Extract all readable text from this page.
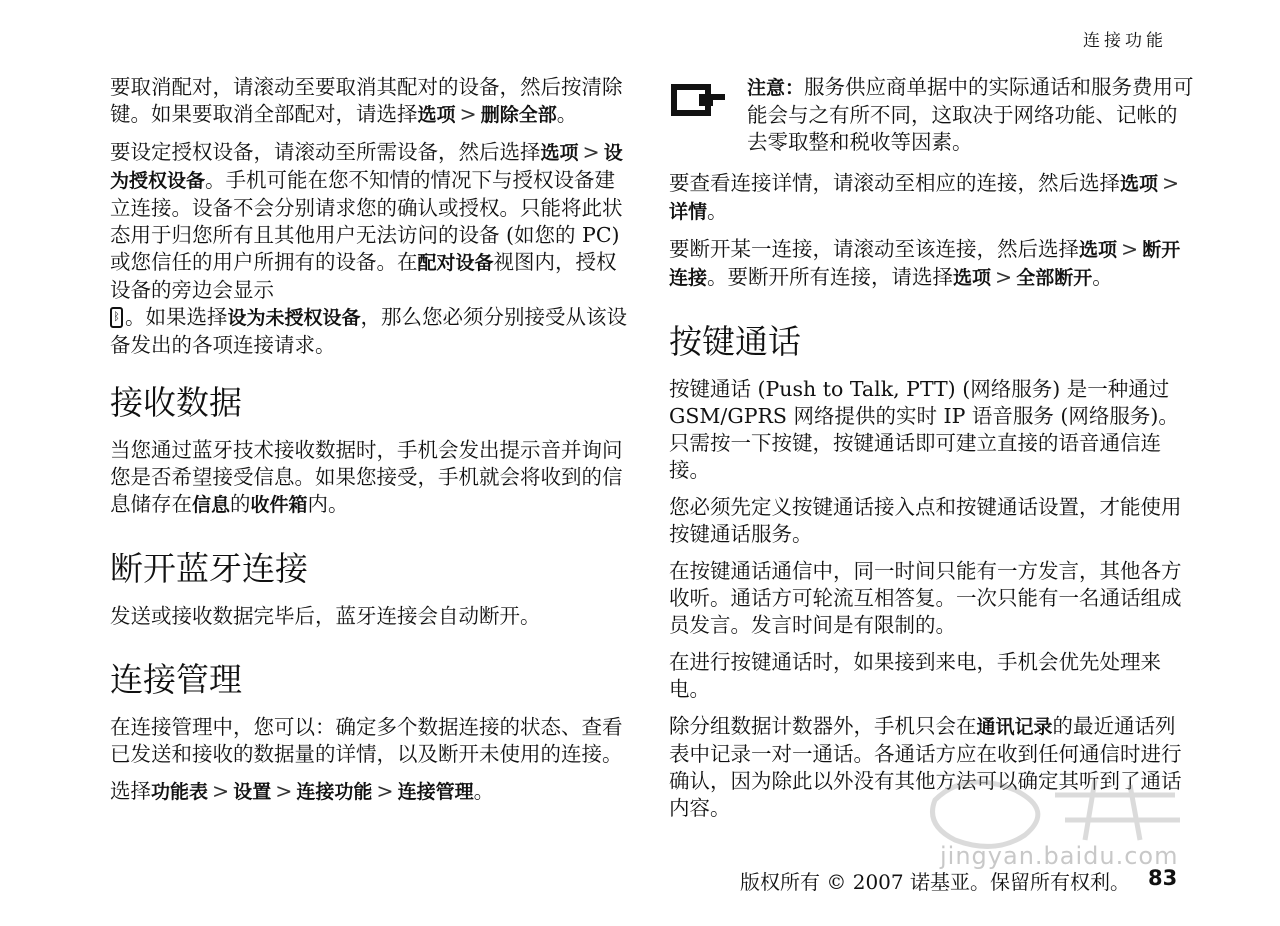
连接功能

要取消配对，请滚动至要取消其配对的设备，然后按清除键。如果要取消全部配对，请选择选项 > 删除全部。

要设定授权设备，请滚动至所需设备，然后选择选项 > 设为授权设备。手机可能在您不知情的情况下与授权设备建立连接。设备不会分别请求您的确认或授权。只能将此状态用于归您所有且其他用户无法访问的设备 (如您的 PC) 或您信任的用户所拥有的设备。在配对设备视图内，授权设备的旁边会显示
ᛒ。如果选择设为未授权设备，那么您必须分别接受从该设备发出的各项连接请求。

接收数据

当您通过蓝牙技术接收数据时，手机会发出提示音并询问您是否希望接受信息。如果您接受，手机就会将收到的信息储存在信息的收件箱内。

断开蓝牙连接

发送或接收数据完毕后，蓝牙连接会自动断开。

连接管理

在连接管理中，您可以：确定多个数据连接的状态、查看已发送和接收的数据量的详情，以及断开未使用的连接。

选择功能表 > 设置 > 连接功能 > 连接管理。

注意：服务供应商单据中的实际通话和服务费用可能会与之有所不同，这取决于网络功能、记帐的去零取整和税收等因素。

要查看连接详情，请滚动至相应的连接，然后选择选项 >详情。

要断开某一连接，请滚动至该连接，然后选择选项 > 断开连接。要断开所有连接，请选择选项 > 全部断开。

按键通话

按键通话 (Push to Talk, PTT) (网络服务) 是一种通过 GSM/GPRS 网络提供的实时 IP 语音服务 (网络服务)。只需按一下按键，按键通话即可建立直接的语音通信连接。

您必须先定义按键通话接入点和按键通话设置，才能使用按键通话服务。

在按键通话通信中，同一时间只能有一方发言，其他各方收听。通话方可轮流互相答复。一次只能有一名通话组成员发言。发言时间是有限制的。

在进行按键通话时，如果接到来电，手机会优先处理来电。

除分组数据计数器外，手机只会在通讯记录的最近通话列表中记录一对一通话。各通话方应在收到任何通信时进行确认，因为除此以外没有其他方法可以确定其听到了通话内容。

jingyan.baidu.com
版权所有 © 2007 诺基亚。保留所有权利。 83
